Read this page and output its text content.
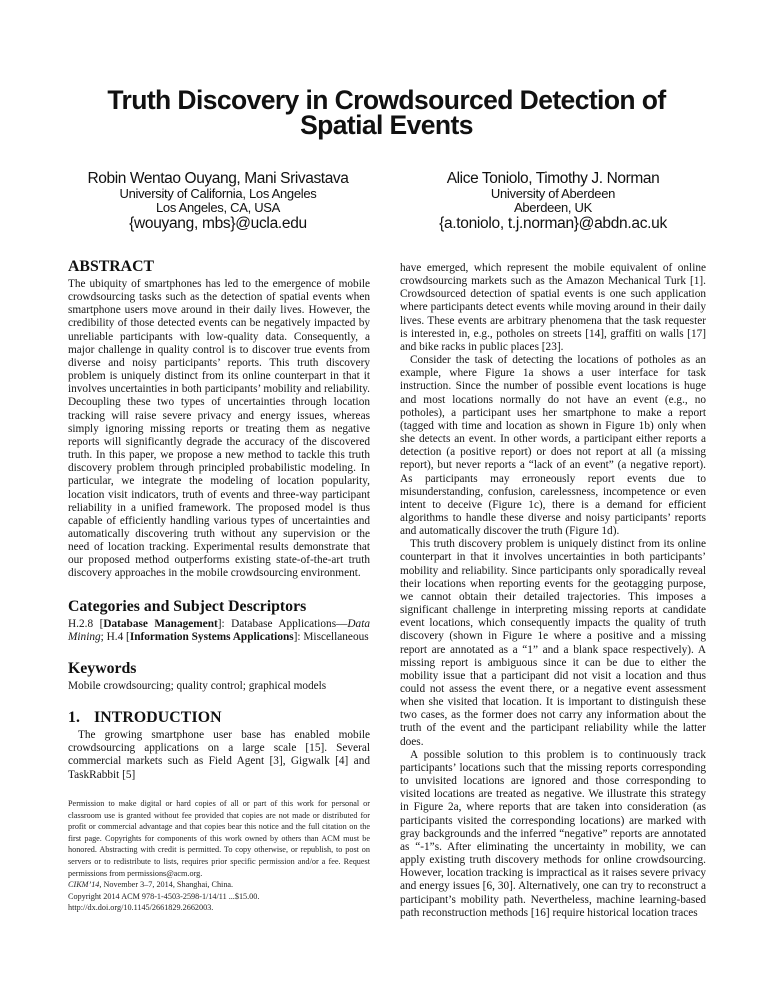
Truth Discovery in Crowdsourced Detection of
Spatial Events
Robin Wentao Ouyang, Mani Srivastava
University of California, Los Angeles
Los Angeles, CA, USA
{wouyang, mbs}@ucla.edu
Alice Toniolo, Timothy J. Norman
University of Aberdeen
Aberdeen, UK
{a.toniolo, t.j.norman}@abdn.ac.uk
ABSTRACT

The ubiquity of smartphones has led to the emergence of mobile crowdsourcing tasks such as the detection of spatial events when smartphone users move around in their daily lives. However, the credibility of those detected events can be negatively impacted by unreliable participants with low-quality data. Consequently, a major challenge in quality control is to discover true events from diverse and noisy participants’ reports. This truth discovery problem is uniquely distinct from its online counterpart in that it involves uncertainties in both participants’ mobility and reliability. Decoupling these two types of uncertainties through location tracking will raise severe privacy and energy issues, whereas simply ignoring missing reports or treating them as negative reports will significantly degrade the accuracy of the discovered truth. In this paper, we propose a new method to tackle this truth discovery problem through principled probabilistic modeling. In particular, we integrate the modeling of location popularity, location visit indicators, truth of events and three-way participant reliability in a unified framework. The proposed model is thus capable of efficiently handling various types of uncertainties and automatically discovering truth without any supervision or the need of location tracking. Experimental results demonstrate that our proposed method outperforms existing state-of-the-art truth discovery approaches in the mobile crowdsourcing environment.

Categories and Subject Descriptors

H.2.8 [Database Management]: Database Applications—Data Mining; H.4 [Information Systems Applications]: Miscellaneous

Keywords

Mobile crowdsourcing; quality control; graphical models

1. INTRODUCTION

The growing smartphone user base has enabled mobile crowdsourcing applications on a large scale [15]. Several commercial markets such as Field Agent [3], Gigwalk [4] and TaskRabbit [5]

Permission to make digital or hard copies of all or part of this work for personal or classroom use is granted without fee provided that copies are not made or distributed for profit or commercial advantage and that copies bear this notice and the full citation on the first page. Copyrights for components of this work owned by others than ACM must be honored. Abstracting with credit is permitted. To copy otherwise, or republish, to post on servers or to redistribute to lists, requires prior specific permission and/or a fee. Request permissions from permissions@acm.org.

CIKM’14, November 3–7, 2014, Shanghai, China.
Copyright 2014 ACM 978-1-4503-2598-1/14/11 ...$15.00.
http://dx.doi.org/10.1145/2661829.2662003.

have emerged, which represent the mobile equivalent of online crowdsourcing markets such as the Amazon Mechanical Turk [1]. Crowdsourced detection of spatial events is one such application where participants detect events while moving around in their daily lives. These events are arbitrary phenomena that the task requester is interested in, e.g., potholes on streets [14], graffiti on walls [17] and bike racks in public places [23].

Consider the task of detecting the locations of potholes as an example, where Figure 1a shows a user interface for task instruction. Since the number of possible event locations is huge and most locations normally do not have an event (e.g., no potholes), a participant uses her smartphone to make a report (tagged with time and location as shown in Figure 1b) only when she detects an event. In other words, a participant either reports a detection (a positive report) or does not report at all (a missing report), but never reports a “lack of an event” (a negative report). As participants may erroneously report events due to misunderstanding, confusion, carelessness, incompetence or even intent to deceive (Figure 1c), there is a demand for efficient algorithms to handle these diverse and noisy participants’ reports and automatically discover the truth (Figure 1d).

This truth discovery problem is uniquely distinct from its online counterpart in that it involves uncertainties in both participants’ mobility and reliability. Since participants only sporadically reveal their locations when reporting events for the geotagging purpose, we cannot obtain their detailed trajectories. This imposes a significant challenge in interpreting missing reports at candidate event locations, which consequently impacts the quality of truth discovery (shown in Figure 1e where a positive and a missing report are annotated as a “1” and a blank space respectively). A missing report is ambiguous since it can be due to either the mobility issue that a participant did not visit a location and thus could not assess the event there, or a negative event assessment when she visited that location. It is important to distinguish these two cases, as the former does not carry any information about the truth of the event and the participant reliability while the latter does.

A possible solution to this problem is to continuously track participants’ locations such that the missing reports corresponding to unvisited locations are ignored and those corresponding to visited locations are treated as negative. We illustrate this strategy in Figure 2a, where reports that are taken into consideration (as participants visited the corresponding locations) are marked with gray backgrounds and the inferred “negative” reports are annotated as “-1”s. After eliminating the uncertainty in mobility, we can apply existing truth discovery methods for online crowdsourcing. However, location tracking is impractical as it raises severe privacy and energy issues [6, 30]. Alternatively, one can try to reconstruct a participant’s mobility path. Nevertheless, machine learning-based path reconstruction methods [16] require historical location traces
